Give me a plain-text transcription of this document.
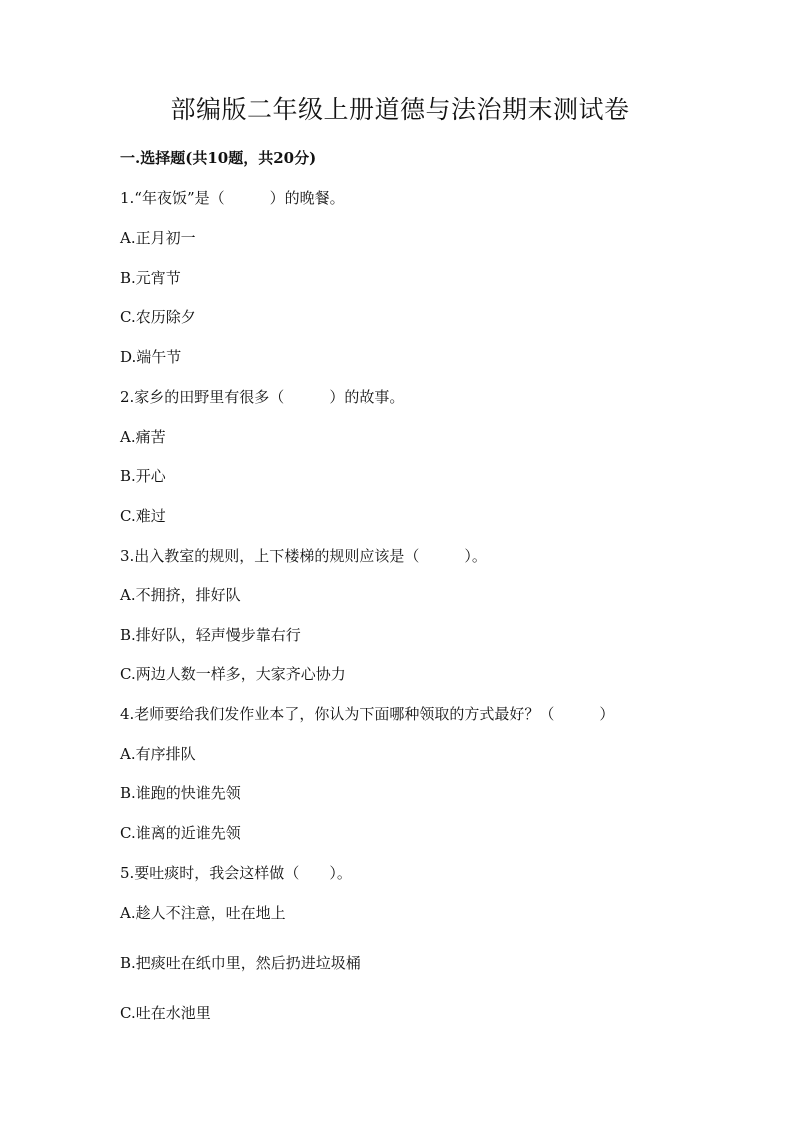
部编版二年级上册道德与法治期末测试卷
一.选择题(共10题，共20分)
1.“年夜饭”是（　　　）的晚餐。
A.正月初一
B.元宵节
C.农历除夕
D.端午节
2.家乡的田野里有很多（　　　）的故事。
A.痛苦
B.开心
C.难过
3.出入教室的规则，上下楼梯的规则应该是（　　　）。
A.不拥挤，排好队
B.排好队，轻声慢步靠右行
C.两边人数一样多，大家齐心协力
4.老师要给我们发作业本了，你认为下面哪种领取的方式最好？（　　　）
A.有序排队
B.谁跑的快谁先领
C.谁离的近谁先领
5.要吐痰时，我会这样做（　　）。
A.趁人不注意，吐在地上
B.把痰吐在纸巾里，然后扔进垃圾桶
C.吐在水池里
